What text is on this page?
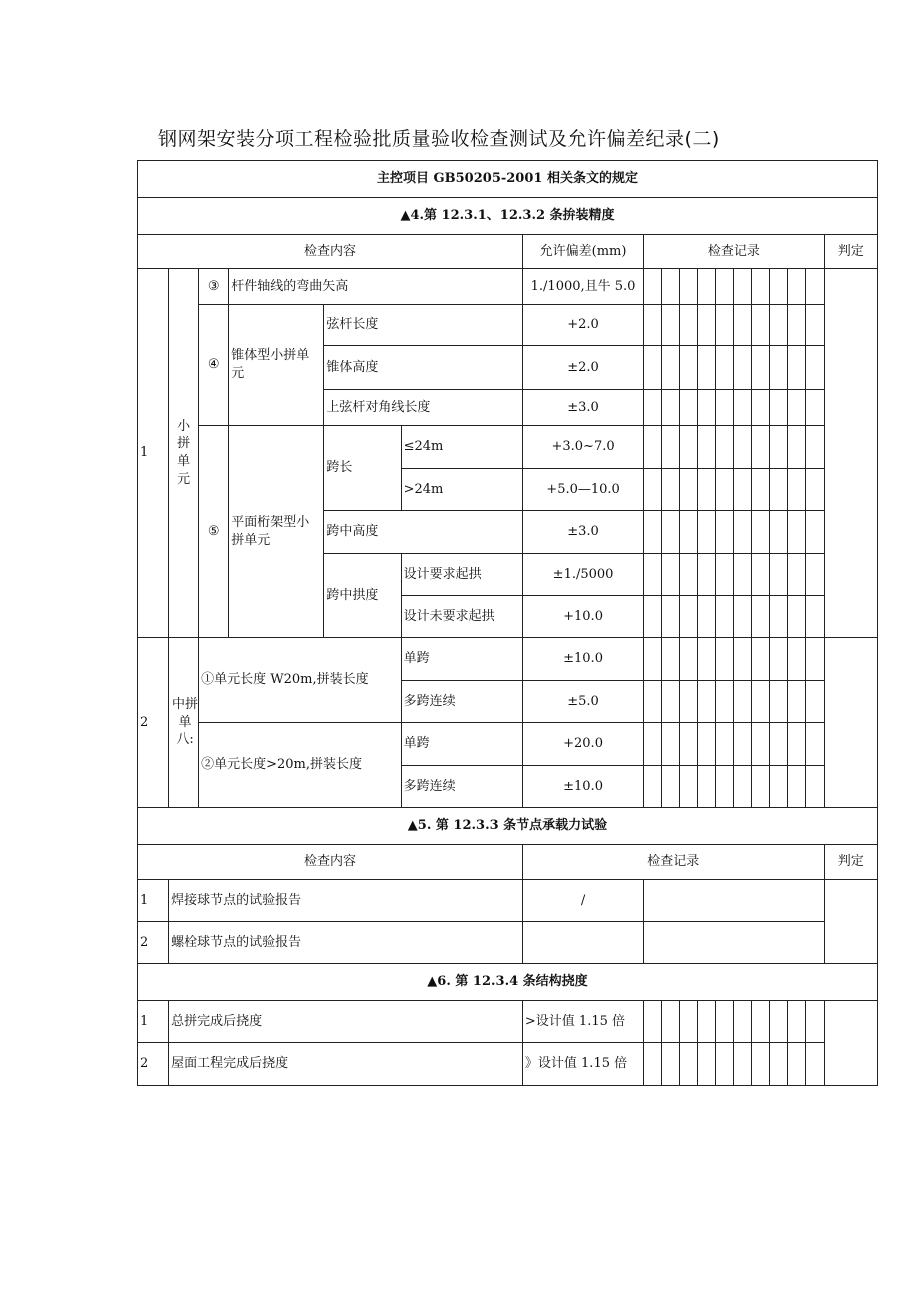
钢网架安装分项工程检验批质量验收检查测试及允许偏差纪录(二)
主控项目 GB50205-2001 相关条文的规定																	
▲4.第 12.3.1、12.3.2 条拚装精度																	
检查内容						允许偏差(mm)	检查记录										判定
1	小拼单元	③	杆件轴线的弯曲矢高			1./1000,且牛 5.0											
		④	锥体型小拼单元	弦杆长度		+2.0											
				锥体高度		±2.0											
				上弦杆对角线长度		±3.0											
		⑤	平面桁架型小拼单元	跨长	≤24m	+3.0~7.0											
					>24m	+5.0—10.0											
				跨中高度		±3.0											
				跨中拱度	设计要求起拱	±1./5000											
					设计未要求起拱	+10.0											
2	中拼单八:	①单元长度 W20m,拼装长度			单跨	±10.0											
					多跨连续	±5.0											
		②单元长度>20m,拼装长度			单跨	+20.0											
					多跨连续	±10.0											
▲5. 第 12.3.3 条节点承载力试验																	
检查内容						检查记录											判定
1	焊接球节点的试验报告					/											
2	螺栓球节点的试验报告																
▲6. 第 12.3.4 条结构挠度																	
1	总拼完成后挠度					>设计值 1.15 倍											
2	屋面工程完成后挠度					》设计值 1.15 倍											
